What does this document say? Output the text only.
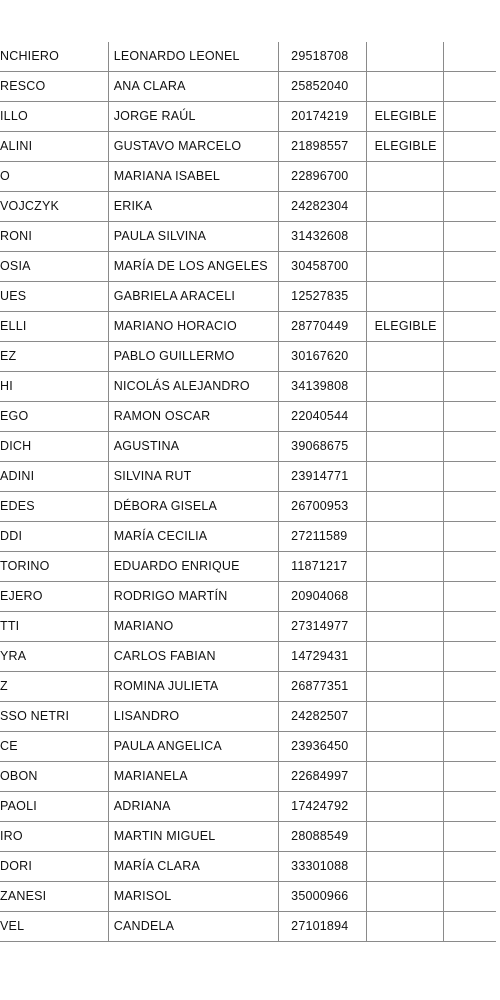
NCHIERO	LEONARDO LEONEL	29518708		
RESCO	ANA CLARA	25852040		
ILLO	JORGE RAÚL	20174219	ELEGIBLE	
ALINI	GUSTAVO MARCELO	21898557	ELEGIBLE	
O	MARIANA ISABEL	22896700		
VOJCZYK	ERIKA	24282304		
RONI	PAULA SILVINA	31432608		
OSIA	MARÍA DE LOS ANGELES	30458700		
UES	GABRIELA ARACELI	12527835		
ELLI	MARIANO HORACIO	28770449	ELEGIBLE	
EZ	PABLO GUILLERMO	30167620		
HI	NICOLÁS ALEJANDRO	34139808		
EGO	RAMON OSCAR	22040544		
DICH	AGUSTINA	39068675		
ADINI	SILVINA RUT	23914771		
EDES	DÉBORA GISELA	26700953		
DDI	MARÍA CECILIA	27211589		
TORINO	EDUARDO ENRIQUE	11871217		
EJERO	RODRIGO MARTÍN	20904068		
TTI	MARIANO	27314977		
YRA	CARLOS FABIAN	14729431		
Z	ROMINA JULIETA	26877351		
SSO NETRI	LISANDRO	24282507		
CE	PAULA ANGELICA	23936450		
OBON	MARIANELA	22684997		
PAOLI	ADRIANA	17424792		
IRO	MARTIN MIGUEL	28088549		
DORI	MARÍA CLARA	33301088		
ZANESI	MARISOL	35000966		
VEL	CANDELA	27101894		
